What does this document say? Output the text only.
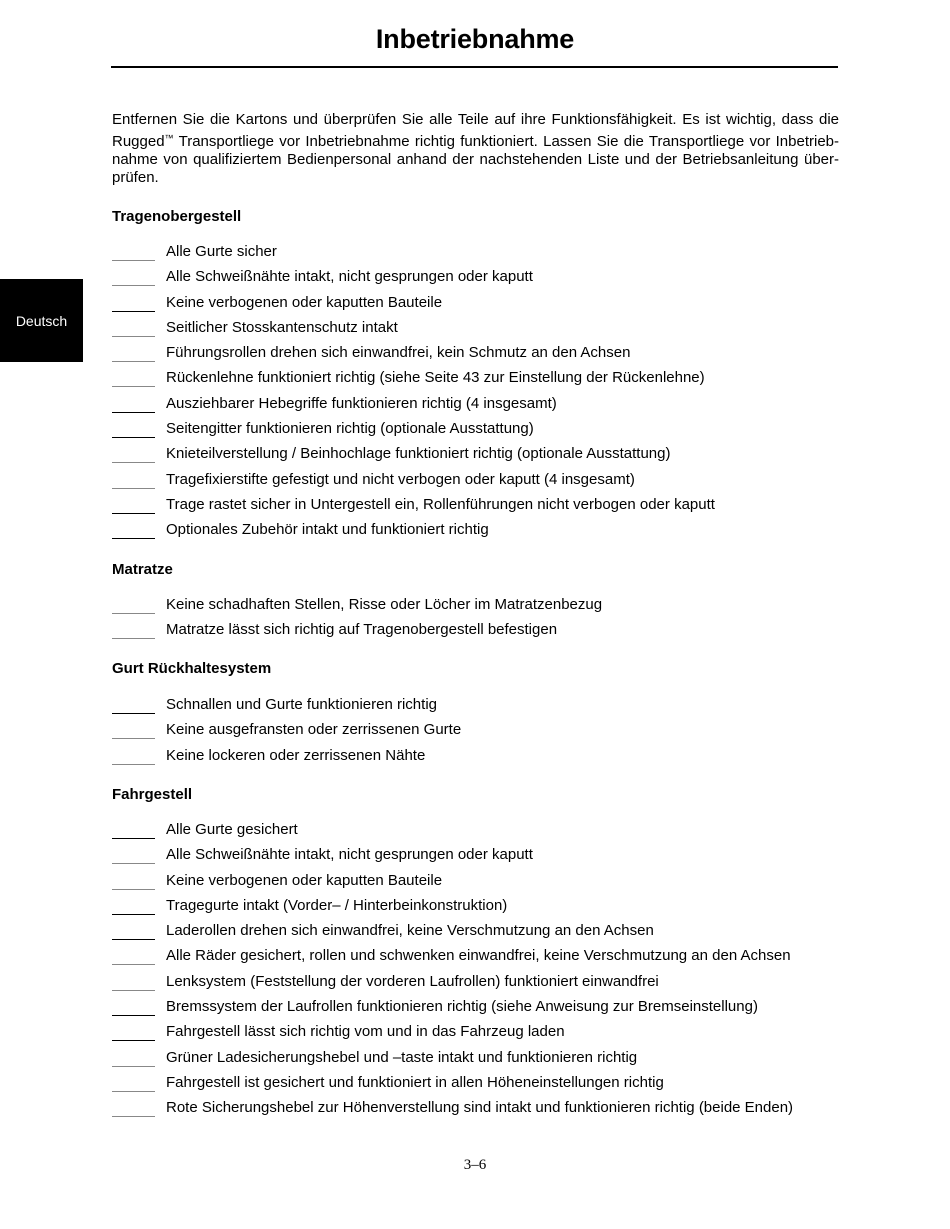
Inbetriebnahme

Entfernen Sie die Kartons und überprüfen Sie alle Teile auf ihre Funktionsfähigkeit. Es ist wichtig, dass die Rugged™ Transportliege vor Inbetriebnahme richtig funktioniert. Lassen Sie die Transportliege vor Inbetrieb-nahme von qualifiziertem Bedienpersonal anhand der nachstehenden Liste und der Betriebsanleitung über-prüfen.

Deutsch
Tragenobergestell
Alle Gurte sicher
Alle Schweißnähte intakt, nicht gesprungen oder kaputt
Keine verbogenen oder kaputten Bauteile
Seitlicher Stosskantenschutz intakt
Führungsrollen drehen sich einwandfrei, kein Schmutz an den Achsen
Rückenlehne funktioniert richtig (siehe Seite 43 zur Einstellung der Rückenlehne)
Ausziehbarer Hebegriffe funktionieren richtig (4 insgesamt)
Seitengitter funktionieren richtig (optionale Ausstattung)
Knieteilverstellung / Beinhochlage funktioniert richtig (optionale Ausstattung)
Tragefixierstifte gefestigt und nicht verbogen oder kaputt (4 insgesamt)
Trage rastet sicher in Untergestell ein, Rollenführungen nicht verbogen oder kaputt
Optionales Zubehör intakt und funktioniert richtig
Matratze
Keine schadhaften Stellen, Risse oder Löcher im Matratzenbezug
Matratze lässt sich richtig auf Tragenobergestell befestigen
Gurt Rückhaltesystem
Schnallen und Gurte funktionieren richtig
Keine ausgefransten oder zerrissenen Gurte
Keine lockeren oder zerrissenen Nähte
Fahrgestell
Alle Gurte gesichert
Alle Schweißnähte intakt, nicht gesprungen oder kaputt
Keine verbogenen oder kaputten Bauteile
Tragegurte intakt (Vorder– / Hinterbeinkonstruktion)
Laderollen drehen sich einwandfrei, keine Verschmutzung an den Achsen
Alle Räder gesichert, rollen und schwenken einwandfrei, keine Verschmutzung an den Achsen
Lenksystem (Feststellung der vorderen Laufrollen) funktioniert einwandfrei
Bremssystem der Laufrollen funktionieren richtig (siehe Anweisung zur Bremseinstellung)
Fahrgestell lässt sich richtig vom und in das Fahrzeug laden
Grüner Ladesicherungshebel und –taste intakt und funktionieren richtig
Fahrgestell ist gesichert und funktioniert in allen Höheneinstellungen richtig
Rote Sicherungshebel zur Höhenverstellung sind intakt und funktionieren richtig (beide Enden)
3–6
